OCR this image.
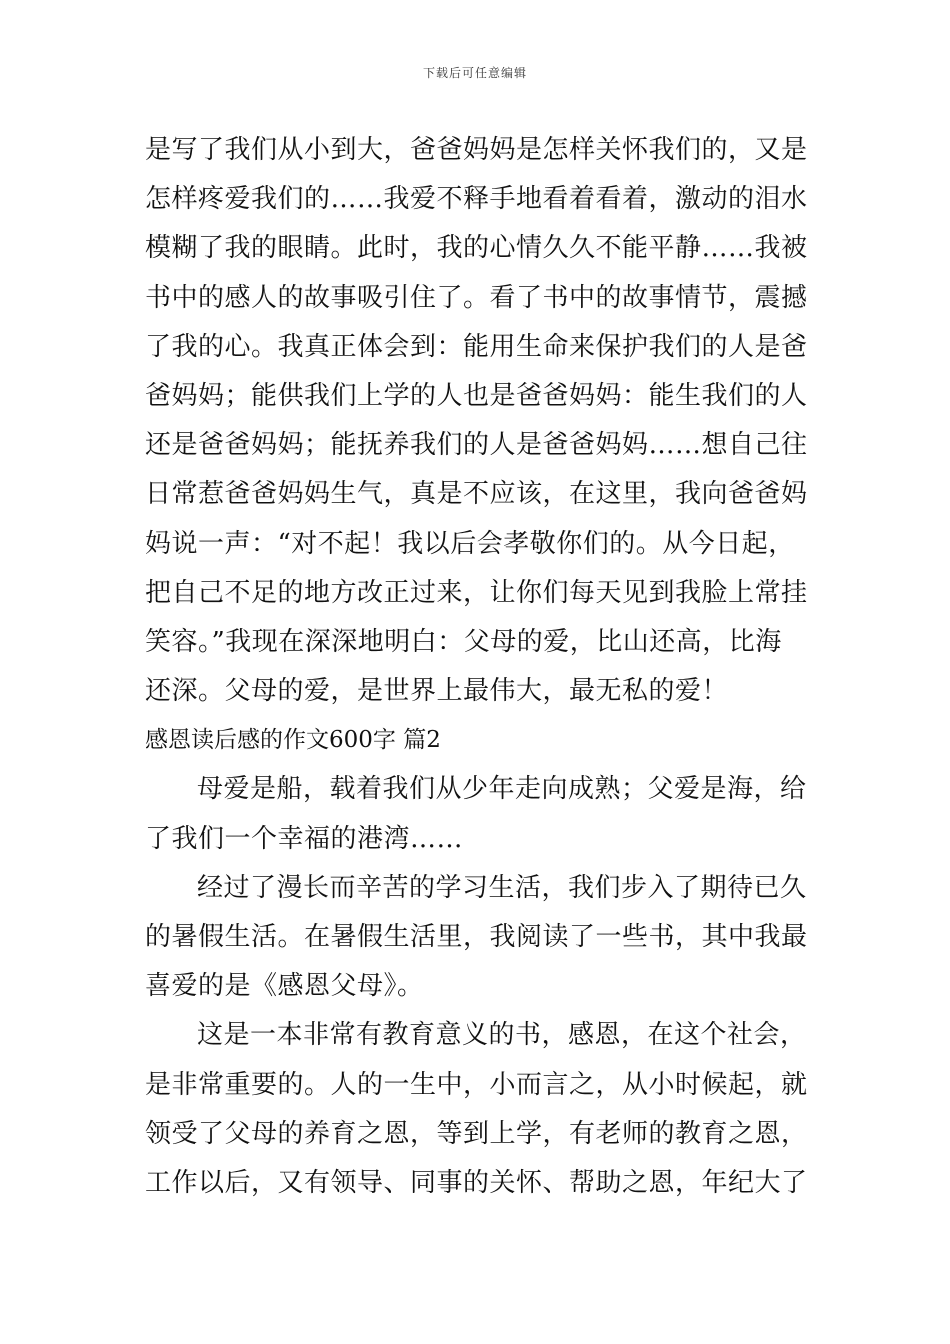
下载后可任意编辑
是写了我们从小到大，爸爸妈妈是怎样关怀我们的，又是
怎样疼爱我们的……我爱不释手地看着看着，激动的泪水
模糊了我的眼睛。此时，我的心情久久不能平静……我被
书中的感人的故事吸引住了。看了书中的故事情节，震撼
了我的心。我真正体会到：能用生命来保护我们的人是爸
爸妈妈；能供我们上学的人也是爸爸妈妈：能生我们的人
还是爸爸妈妈；能抚养我们的人是爸爸妈妈……想自己往
日常惹爸爸妈妈生气，真是不应该，在这里，我向爸爸妈
妈说一声：“对不起！我以后会孝敬你们的。从今日起，
把自己不足的地方改正过来，让你们每天见到我脸上常挂
笑容。”我现在深深地明白：父母的爱，比山还高，比海
还深。父母的爱，是世界上最伟大，最无私的爱！
感恩读后感的作文600字 篇2
母爱是船，载着我们从少年走向成熟；父爱是海，给
了我们一个幸福的港湾……
经过了漫长而辛苦的学习生活，我们步入了期待已久
的暑假生活。在暑假生活里，我阅读了一些书，其中我最
喜爱的是《感恩父母》。
这是一本非常有教育意义的书，感恩，在这个社会，
是非常重要的。人的一生中，小而言之，从小时候起，就
领受了父母的养育之恩，等到上学，有老师的教育之恩，
工作以后，又有领导、同事的关怀、帮助之恩，年纪大了
